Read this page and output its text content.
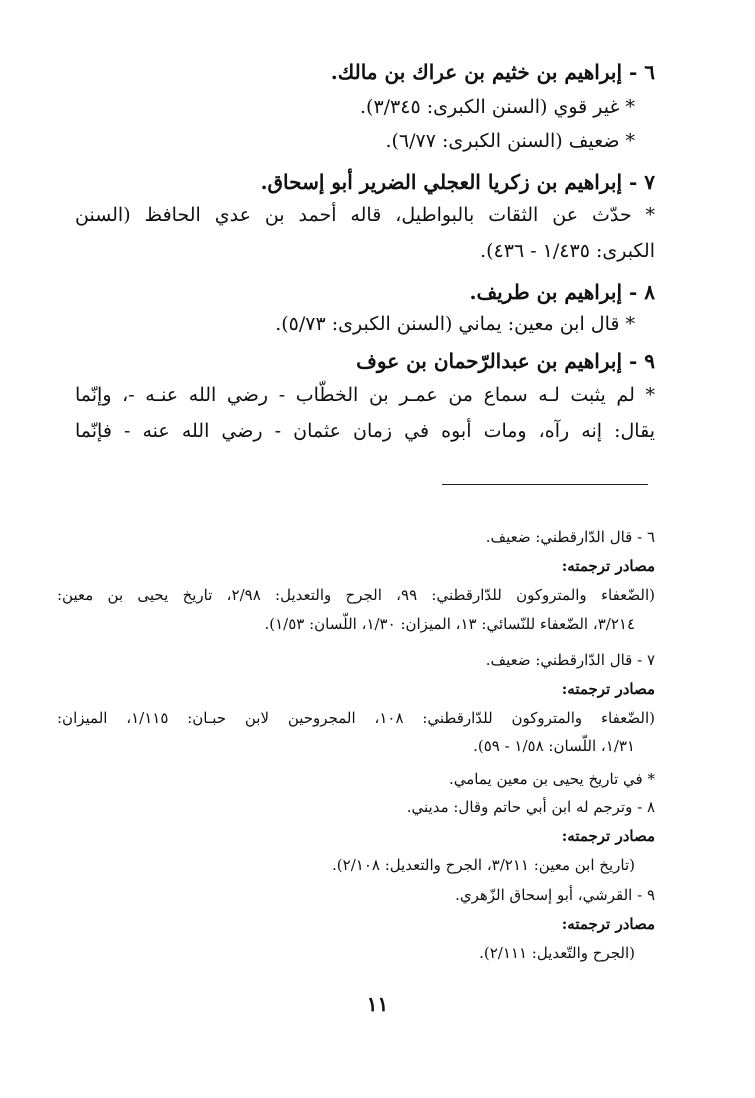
٦ - إبراهيم بن خثيم بن عراك بن مالك.
* غير قوي (السنن الكبرى: ٣/٣٤٥).
* ضعيف (السنن الكبرى: ٦/٧٧).
٧ - إبراهيم بن زكريا العجلي الضرير أبو إسحاق.
* حدّث عن الثقات بالبواطيل، قاله أحمد بن عدي الحافظ (السنن
الكبرى: ١/٤٣٥ - ٤٣٦).
٨ - إبراهيم بن طريف.
* قال ابن معين: يماني (السنن الكبرى: ٥/٧٣).
٩ - إبراهيم بن عبدالرّحمان بن عوف
* لم يثبت لـه سماع من عمـر بن الخطّاب - رضي الله عنـه -، وإنّما
يقال: إنه رآه، ومات أبوه في زمان عثمان - رضي الله عنه - فإنّما
٦ - قال الدّارقطني: ضعيف.
مصادر ترجمته:
(الضّعفاء والمتروكون للدّارقطني: ٩٩، الجرح والتعديل: ٢/٩٨، تاريخ يحيى بن معين:
٣/٢١٤، الضّعفاء للنّسائي: ١٣، الميزان: ١/٣٠، اللّسان: ١/٥٣).
٧ - قال الدّارقطني: ضعيف.
مصادر ترجمته:
(الضّعفاء والمتروكون للدّارقطني: ١٠٨، المجروحين لابن حبـان: ١/١١٥، الميزان:
١/٣١، اللّسان: ١/٥٨ - ٥٩).
* في تاريخ يحيى بن معين يمامي.
٨ - وترجم له ابن أبي حاتم وقال: مديني.
مصادر ترجمته:
(تاريخ ابن معين: ٣/٢١١، الجرح والتعديل: ٢/١٠٨).
٩ - القرشي، أبو إسحاق الزّهري.
مصادر ترجمته:
(الجرح والتّعديل: ٢/١١١).
١١
